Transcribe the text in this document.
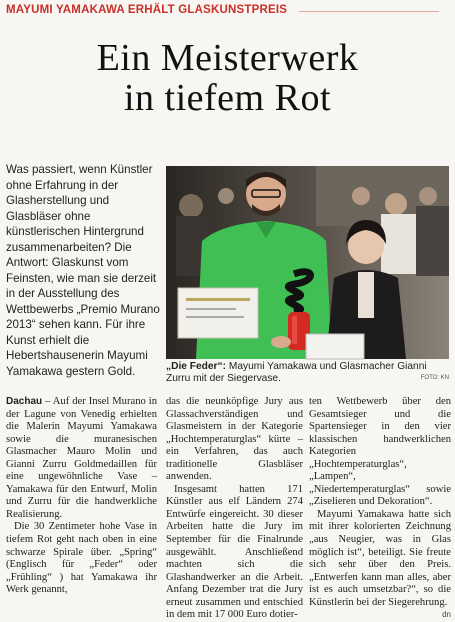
MAYUMI YAMAKAWA ERHÄLT GLASKUNSTPREIS
Ein Meisterwerk
in tiefem Rot
Was passiert, wenn Künstler ohne Erfahrung in der Glasherstellung und Glasbläser ohne künstlerischen Hintergrund zusammenarbeiten? Die Antwort: Glaskunst vom Feinsten, wie man sie derzeit in der Ausstellung des Wettbewerbs „Premio Murano 2013“ sehen kann. Für ihre Kunst erhielt die Hebertshausenerin Mayumi Yamakawa gestern Gold.	„Die Feder“: Mayumi Yamakawa und Glasmacher Gianni Zurru mit der Siegervase.	FOTO: KN

Dachau – Auf der Insel Murano in der Lagune von Venedig erhielten die Malerin Mayumi Yamakawa sowie die muranesischen Glasmacher Mauro Molin und Gianni Zurru Goldmedaillen für eine ungewöhnliche Vase – Yamakawa für den Entwurf, Molin und Zurru für die handwerkliche Realisierung.

Die 30 Zentimeter hohe Vase in tiefem Rot geht nach oben in eine schwarze Spirale über. „Spring“ (Englisch für „Feder“ oder „Frühling“ ) hat Yamakawa ihr Werk genannt,

das die neunköpfige Jury aus Glassachverständigen und Glasmeistern in der Kategorie „Hochtemperaturglas“ kürte – ein Verfahren, das auch traditionelle Glasbläser anwenden.

Insgesamt hatten 171 Künstler aus elf Ländern 274 Entwürfe eingereicht. 30 dieser Arbeiten hatte die Jury im September für die Finalrunde ausgewählt. Anschließend machten sich die Glashandwerker an die Arbeit. Anfang Dezember trat die Jury erneut zusammen und entschied in dem mit 17 000 Euro dotier-

ten Wettbewerb über den Gesamtsieger und die Spartensieger in den vier klassischen handwerklichen Kategorien „Hochtemperaturglas“, „Lampen“, „Niedertemperaturglas“ sowie „Ziselieren und Dekoration“.

Mayumi Yamakawa hatte sich mit ihrer kolorierten Zeichnung „aus Neugier, was in Glas möglich ist“, beteiligt. Sie freute sich sehr über den Preis. „Entwerfen kann man alles, aber ist es auch umsetzbar?“, so die Künstlerin bei der Siegerehrung.
dn
